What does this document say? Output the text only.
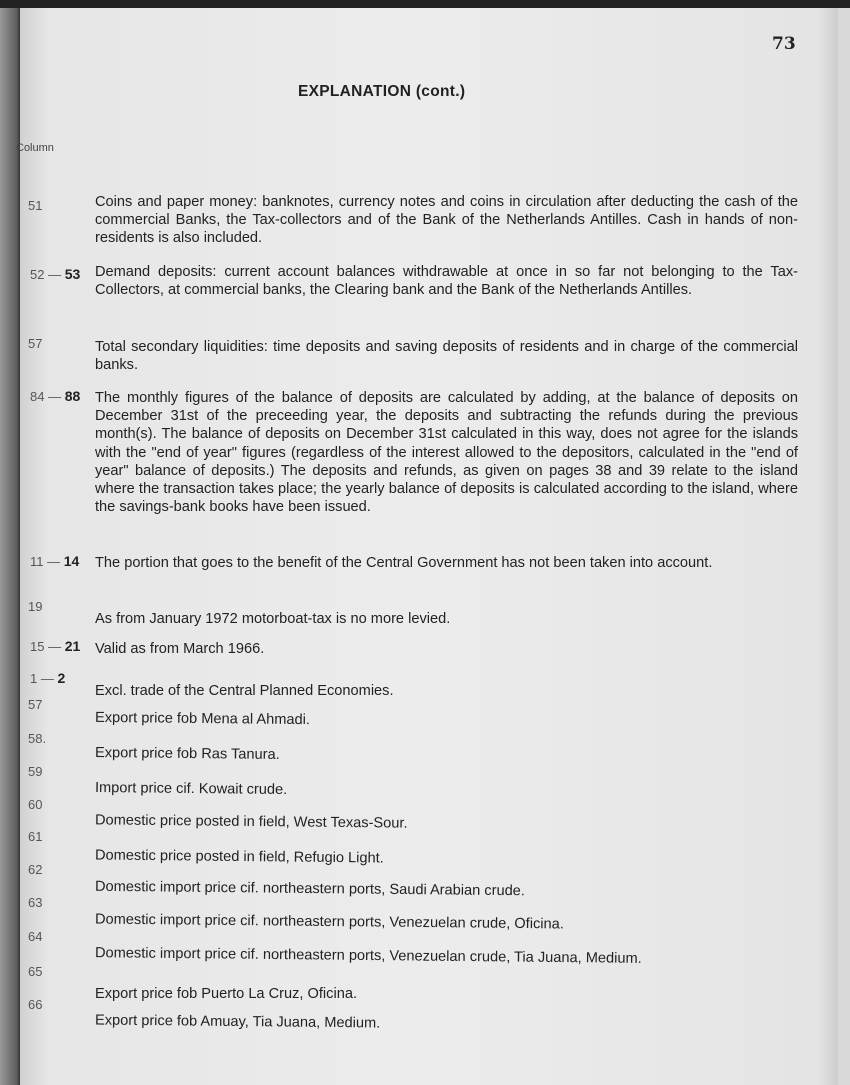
73
EXPLANATION (cont.)
Column
51	Coins and paper money: banknotes, currency notes and coins in circulation after deducting the cash of the commercial Banks, the Tax-collectors and of the Bank of the Netherlands Antilles. Cash in hands of non-residents is also included.
52 — 53 Demand deposits: current account balances withdrawable at once in so far not belonging to the Tax-Collectors, at commercial banks, the Clearing bank and the Bank of the Netherlands Antilles.
57	Total secondary liquidities: time deposits and saving deposits of residents and in charge of the commercial banks.
84 — 88 The monthly figures of the balance of deposits are calculated by adding, at the balance of deposits on December 31st of the preceeding year, the deposits and subtracting the refunds during the previous month(s). The balance of deposits on December 31st calculated in this way, does not agree for the islands with the "end of year" figures (regardless of the interest allowed to the depositors, calculated in the "end of year" balance of deposits.) The deposits and refunds, as given on pages 38 and 39 relate to the island where the transaction takes place; the yearly balance of deposits is calculated according to the island, where the savings-bank books have been issued.
11 — 14 The portion that goes to the benefit of the Central Government has not been taken into account.
19
As from January 1972 motorboat-tax is no more levied.
15 — 21 Valid as from March 1966.
1 — 2
Excl. trade of the Central Planned Economies.
57
Export price fob Mena al Ahmadi.
58.
Export price fob Ras Tanura.
59
Import price cif. Kowait crude.
60
Domestic price posted in field, West Texas-Sour.
61
Domestic price posted in field, Refugio Light.
62
Domestic import price cif. northeastern ports, Saudi Arabian crude.
63
Domestic import price cif. northeastern ports, Venezuelan crude, Oficina.
64
Domestic import price cif. northeastern ports, Venezuelan crude, Tia Juana, Medium.
65
Export price fob Puerto La Cruz, Oficina.
66
Export price fob Amuay, Tia Juana, Medium.
